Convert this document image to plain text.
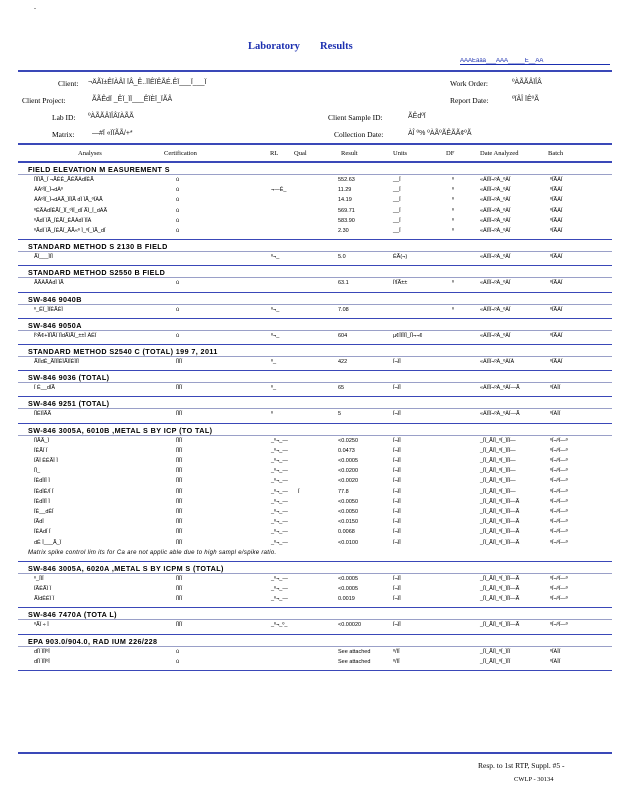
-
Laboratory Results
ÀÀÀÊâââ___ÃÃÃ_____Ê__ÃÃ
Client: ¬ÄÃÏ±ÊÏÀÂÏ ÏÂ_Ê..ÏÏÊÏÊÃÉ.ÊÏ___Ï___Ï
Client Project:	ÃÃÊdÏ _ÊÏ_ÏÏ___ÊÏÈÏ_ÏÃÂ
Lab ID: ºÀÃÃÂÏÎÂÏÀÃÃ
Matrix:	—#Ï «ÏÏÃÃ/+*
Work Order:	ºÀÃÃÂÏÎÂ
Report Date:	ºÏÂÎ ÏÊºÃ
Client Sample ID:	ÃÊdºÏ
Collection Date:	ÀÎ º% ºÀÃºÃÊÃÃ¢ºÃ
Analyses	Certification	RL Qual	Result	Units	DF	Date Analyzed	Batch
FIELD ELEVATION M EASUREMENT S
ÏÏÏÏÃ_Ï ¬ÃÊÊ_ÃÊÃÂdÏÊÃ	ú	552.63	__Ï	º	«ÂÏÏÏ¬ºÂ_ºÂÏ	ºÏÃÂÏ
ÂÂºÏÏ_Ï¬dÂº	ú	¬—Ê_	11.29	__Ï	º	«ÂÏÏÏ¬ºÂ_ºÂÏ	ºÏÃÂÏ
ÂÂºÏÏ_Ï¬dÂÃ_ÏÏÏÃ dÏ ÏÃ_ºÏÂÃ	ú	14.19	__Ï	º	«ÂÏÏÏ¬ºÂ_ºÂÏ	ºÏÃÂÏ
ºÊÃÂdÏÊÃÏ_ÏÏ_ºÏÏ_dÏ ÃÏ_Ï_dÂÃ	ú	569.71	__Ï	º	«ÂÏÏÏ¬ºÂ_ºÂÏ	ºÏÃÂÏ
ºÃdÏ ÏÃ_ÏÊÃÏ_ÊÃÂdÏ ÏÏÂ	ú	583.90	__Ï	º	«ÂÏÏÏ¬ºÂ_ºÂÏ	ºÏÃÂÏ
ºÃdÏ ÏÃ_ÏÊÃÏ_ÃÃ«º Ï_ºÏ_ÏÃ_dÏ	ú	2.30	__Ï	º	«ÂÏÏÏ¬ºÂ_ºÂÏ	ºÏÃÂÏ
STANDARD METHOD S 2130 B FIELD
ÃÏ___ÏÏÏ	º¬_	5.0	ÊÃ(¬)	«ÂÏÏÏ¬ºÂ_ºÂÏ	ºÏÃÂÏ
STANDARD METHOD S2550 B FIELD
ÃÃÂÃÂdÏ ÏÃ	ú	63.1	Ï!ÏÃ±±	º	«ÂÏÏÏ¬ºÂ_ºÂÏ	ºÏÃÂÏ
SW-846 9040B
º_ÊÏ_ÏÏÊÃÊÏ	ú	º¬_	7.08	º	«ÂÏÏÏ¬ºÂ_ºÂÏ	ºÏÃÂÏ
SW-846 9050A
ÏºÃ¢+ÏÏÏÃÏ ÏÏdÃÏÃÏ_±±Ï ÂÊÏ	ú	º¬_	604	µ¢ÏÏÏÏÏ_ÏÏ¬¬¢	«ÂÏÏÏ¬ºÂ_ºÂÏ	ºÏÃÂÏ
STANDARD METHOD S2540 C (TOTAL) 199 7, 2011
ÃÏÏdÊ_ÃÏÏÏÊÏÃÏÏÊÏÏÏ	ÏÏÏÏ	º_	422	Ï¬ÏÏ	«ÂÏÏÏ¬ºÂ_ºÂÏÂ	ºÏÃÂÏ
SW-846 9036 (TOTAL)
Ï Ê__dÏÃ	ÏÏÏÏ	º_	65	Ï¬ÏÏ	«ÂÏÏÏ¬ºÂ_ºÂÏ—Ã	ºÏÂÏÏ
SW-846 9251 (TOTAL)
ÏÏÊÏÏÃÃ	ÏÏÏÏ	º	5	Ï¬ÏÏ	«ÂÏÏÏ¬ºÂ_ºÂÏ—Ã	ºÏÂÏÏ
SW-846 3005A, 6010B ,METAL S BY ICP (TO TAL)
ÏÏÃÃ_Ï	ÏÏÏÏ	_º¬_—	<0.0250	Ï¬ÏÏ	_ÏÏ_ÃÏÏ_ºÏ_ÏÏÏ—	ºÏ¬ºÏ—º
ÏÊÃÏ Ï	ÏÏÏÏ	_º¬_—	0.0473	Ï¬ÏÏ	_ÏÏ_ÃÏÏ_ºÏ_ÏÏÏ—	ºÏ¬ºÏ—º
ÏÃÏ ÊÊÃÏ Ï	ÏÏÏÏ	_º¬_—	<0.0005	Ï¬ÏÏ	_ÏÏ_ÃÏÏ_ºÏ_ÏÏÏ—	ºÏ¬ºÏ—º
ÏÏ_	ÏÏÏÏ	_º¬_—	<0.0200	Ï¬ÏÏ	_ÏÏ_ÃÏÏ_ºÏ_ÏÏÏ—	ºÏ¬ºÏ—º
ÏÊdÏÏÏ Ï	ÏÏÏÏ	_º¬_—	<0.0020	Ï¬ÏÏ	_ÏÏ_ÃÏÏ_ºÏ_ÏÏÏ—	ºÏ¬ºÏ—º
ÏÊdÏÊ/Ï Ï	ÏÏÏÏ	_º¬_— Ï	77.8	Ï¬ÏÏ	_ÏÏ_ÃÏÏ_ºÏ_ÏÏÏ—	ºÏ¬ºÏ—º
ÏÊdÏÏÏ Ï	ÏÏÏÏ	_º¬_—	<0.0050	Ï¬ÏÏ	_ÏÏ_ÃÏÏ_ºÏ_ÏÏÏ—Ã	ºÏ¬ºÏ—º
ÏÊ__dÊÏ	ÏÏÏÏ	_º¬_—	<0.0050	Ï¬ÏÏ	_ÏÏ_ÃÏÏ_ºÏ_ÏÏÏ—Ã	ºÏ¬ºÏ—º
ÏÃdÏ	ÏÏÏÏ	_º¬_—	<0.0150	Ï¬ÏÏ	_ÏÏ_ÃÏÏ_ºÏ_ÏÏÏ—Ã	ºÏ¬ºÏ—º
ÏÊÂdÏ Ï	ÏÏÏÏ	_º¬_—	0.0068	Ï¬ÏÏ	_ÏÏ_ÃÏÏ_ºÏ_ÏÏÏ—Ã	ºÏ¬ºÏ—º
dÊ Ï___Ã_Ï	ÏÏÏÏ	_º¬_—	<0.0100	Ï¬ÏÏ	_ÏÏ_ÃÏÏ_ºÏ_ÏÏÏ—Ã	ºÏ¬ºÏ—º
Matrix spike control lim its for Ca are not applic able due to high sampl e/spike ratio.
SW-846 3005A, 6020A ,METAL S BY ICPM S (TOTAL)
º_ÏÏÏ	ÏÏÏÏ	_º¬_—	<0.0005	Ï¬ÏÏ	_ÏÏ_ÃÏÏ_ºÏ_ÏÏÏ—Ã	ºÏ¬ºÏ—º
ÏÃÊÃÏ Ï	ÏÏÏÏ	_º¬_—	<0.0005	Ï¬ÏÏ	_ÏÏ_ÃÏÏ_ºÏ_ÏÏÏ—Ã	ºÏ¬ºÏ—º
ÃÏdÊÊÏ Ï	ÏÏÏÏ	_º¬_—	0.0019	Ï¬ÏÏ	_ÏÏ_ÃÏÏ_ºÏ_ÏÏÏ—Ã	ºÏ¬ºÏ—º
SW-846 7470A (TOTA L)
ºÃÏ ÷ Ï	ÏÏÏÏ	_º¬_º_	<0.00020	Ï¬ÏÏ	_ÏÏ_ÃÏÏ_ºÏ_ÏÏÏ—Ã	ºÏ¬ºÏ—º
EPA 903.0/904.0, RAD IUM 226/228
dÏÏ ÏÏÏºÏ	ú	See attached	º/ÏÏ	_ÏÏ_ÃÏÏ_ºÏ_ÏÏÏ	ºÏÂÏÏ
dÏÏ ÏÏÏºÏ	ú	See attached	º/ÏÏ	_ÏÏ_ÃÏÏ_ºÏ_ÏÏÏ	ºÏÂÏÏ
Resp. to 1st RTP, Suppl. #5 -
CWLP - 30134
